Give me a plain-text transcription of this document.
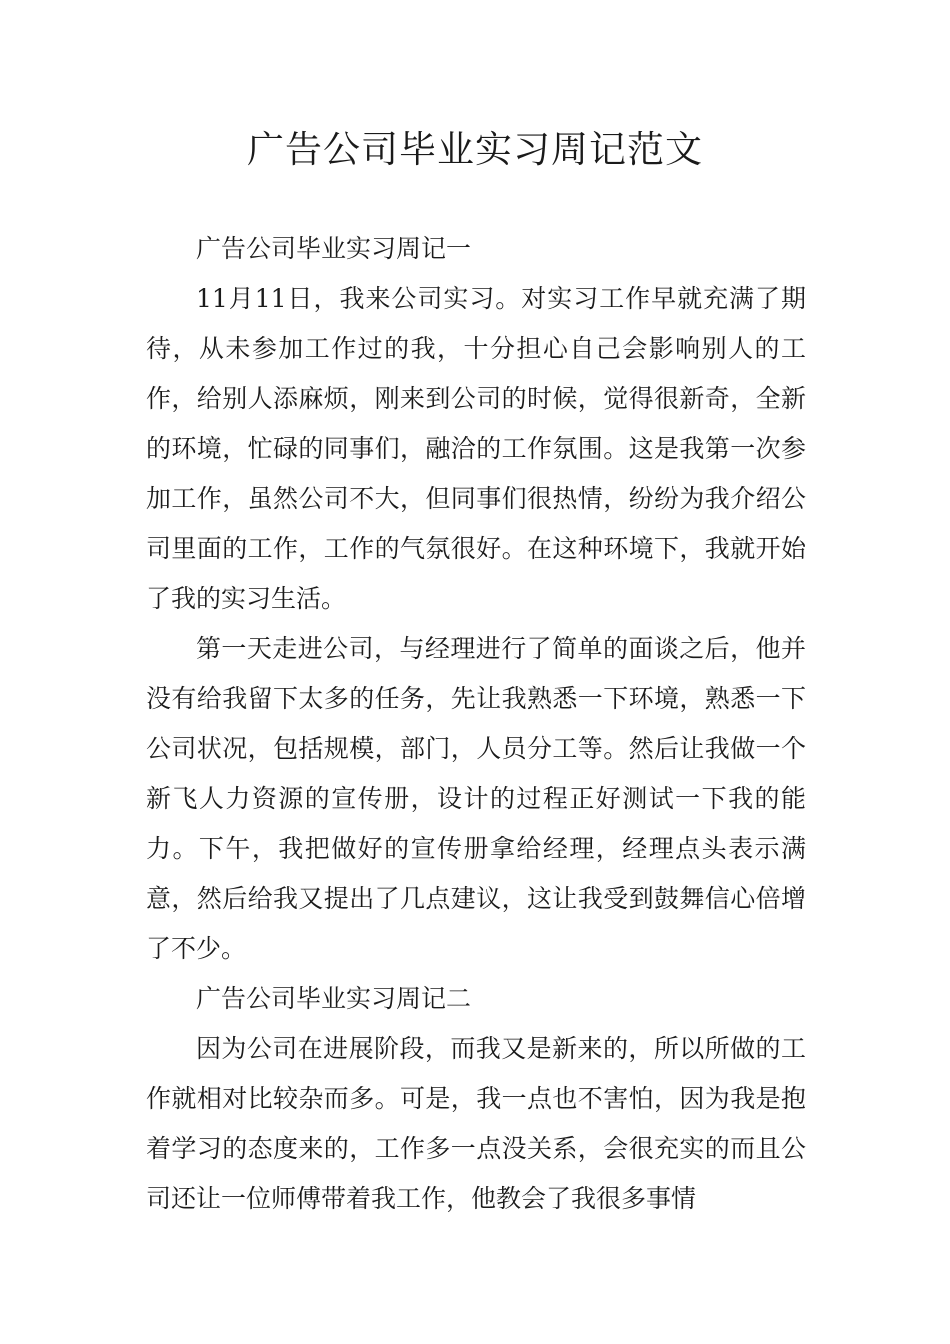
广告公司毕业实习周记范文

广告公司毕业实习周记一

11月11日，我来公司实习。对实习工作早就充满了期待，从未参加工作过的我，十分担心自己会影响别人的工作，给别人添麻烦，刚来到公司的时候，觉得很新奇，全新的环境，忙碌的同事们，融洽的工作氛围。这是我第一次参加工作，虽然公司不大，但同事们很热情，纷纷为我介绍公司里面的工作，工作的气氛很好。在这种环境下，我就开始了我的实习生活。

第一天走进公司，与经理进行了简单的面谈之后，他并没有给我留下太多的任务，先让我熟悉一下环境，熟悉一下公司状况，包括规模，部门，人员分工等。然后让我做一个新飞人力资源的宣传册，设计的过程正好测试一下我的能力。下午，我把做好的宣传册拿给经理，经理点头表示满意，然后给我又提出了几点建议，这让我受到鼓舞信心倍增了不少。

广告公司毕业实习周记二

因为公司在进展阶段，而我又是新来的，所以所做的工作就相对比较杂而多。可是，我一点也不害怕，因为我是抱着学习的态度来的，工作多一点没关系，会很充实的而且公司还让一位师傅带着我工作，他教会了我很多事情
